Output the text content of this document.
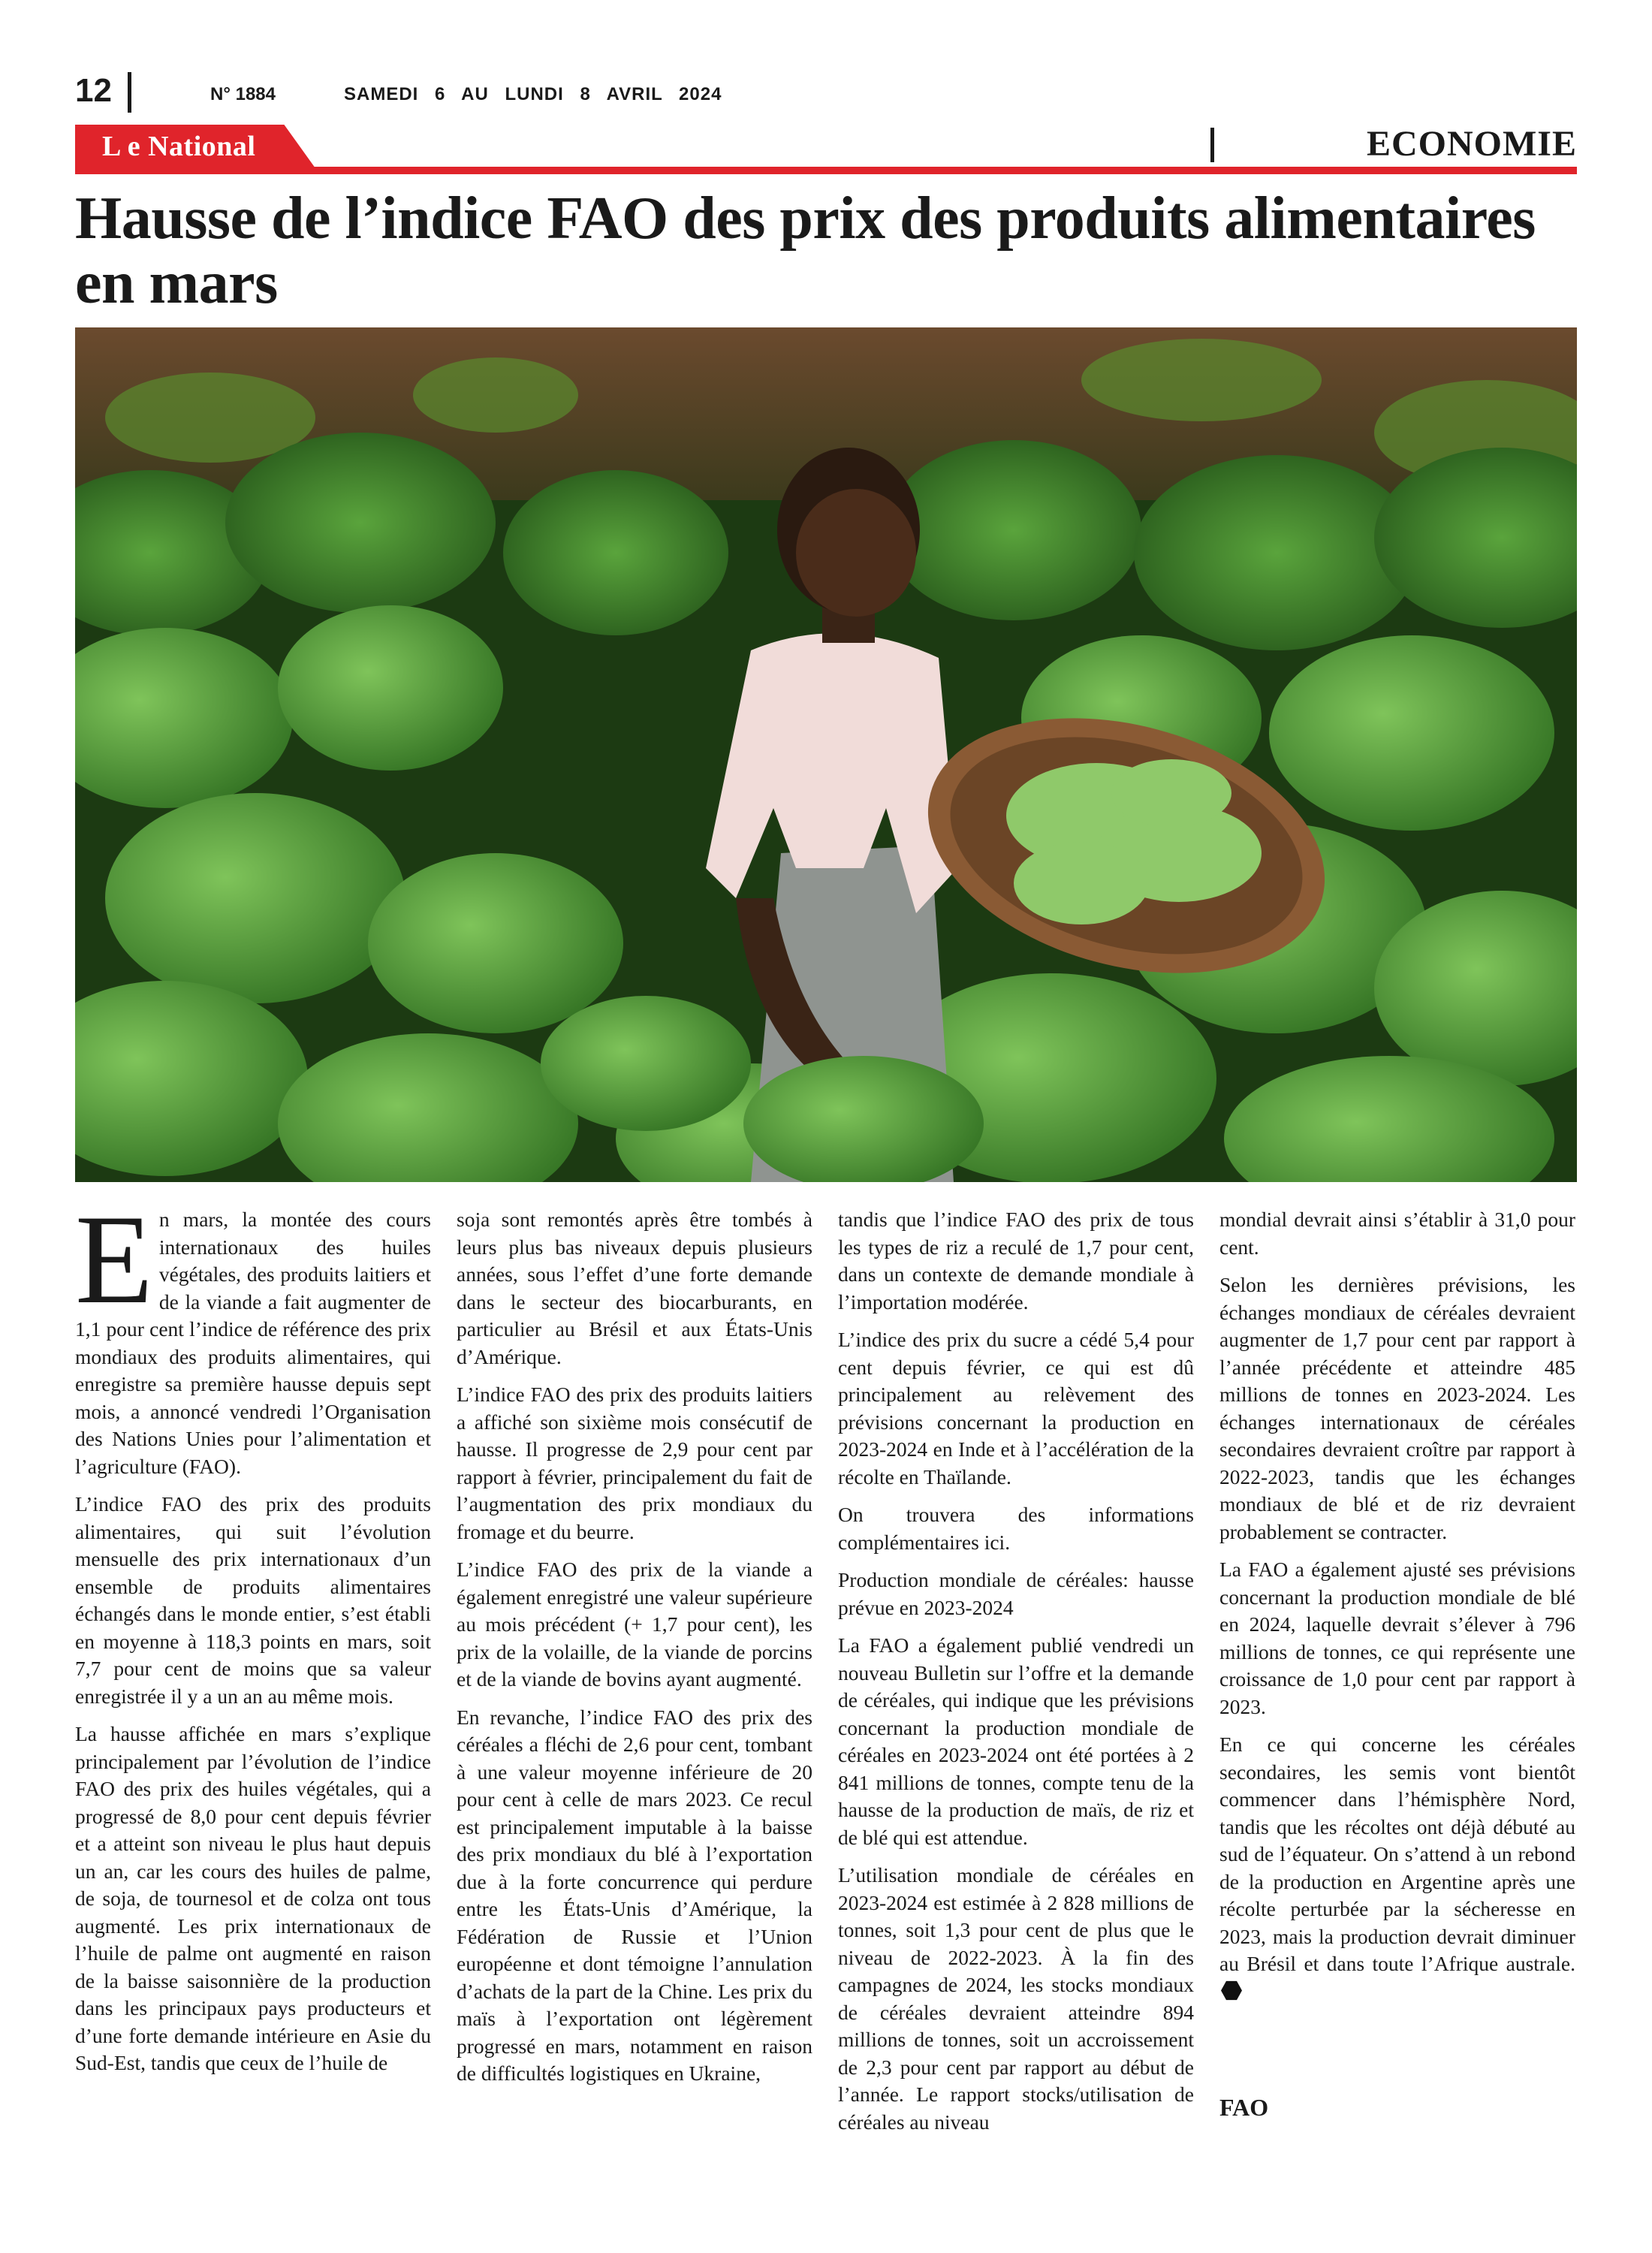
12	N° 1884	SAMEDI 6 AU LUNDI 8 AVRIL 2024
L e National	ECONOMIE
Hausse de l’indice FAO des prix des produits alimentaires en mars

En mars, la montée des cours internationaux des huiles végétales, des produits laitiers et de la viande a fait augmenter de 1,1 pour cent l’indice de référence des prix mondiaux des produits alimentaires, qui enregistre sa première hausse depuis sept mois, a annoncé vendredi l’Organisation des Nations Unies pour l’alimentation et l’agriculture (FAO).

L’indice FAO des prix des produits alimentaires, qui suit l’évolution mensuelle des prix internationaux d’un ensemble de produits alimentaires échangés dans le monde entier, s’est établi en moyenne à 118,3 points en mars, soit 7,7 pour cent de moins que sa valeur enregistrée il y a un an au même mois.

La hausse affichée en mars s’explique principalement par l’évolution de l’indice FAO des prix des huiles végétales, qui a progressé de 8,0 pour cent depuis février et a atteint son niveau le plus haut depuis un an, car les cours des huiles de palme, de soja, de tournesol et de colza ont tous augmenté. Les prix internationaux de l’huile de palme ont augmenté en raison de la baisse saisonnière de la production dans les principaux pays producteurs et d’une forte demande intérieure en Asie du Sud-Est, tandis que ceux de l’huile de

soja sont remontés après être tombés à leurs plus bas niveaux depuis plusieurs années, sous l’effet d’une forte demande dans le secteur des biocarburants, en particulier au Brésil et aux États-Unis d’Amérique.

L’indice FAO des prix des produits laitiers a affiché son sixième mois consécutif de hausse. Il progresse de 2,9 pour cent par rapport à février, principalement du fait de l’augmentation des prix mondiaux du fromage et du beurre.

L’indice FAO des prix de la viande a également enregistré une valeur supérieure au mois précédent (+ 1,7 pour cent), les prix de la volaille, de la viande de porcins et de la viande de bovins ayant augmenté.

En revanche, l’indice FAO des prix des céréales a fléchi de 2,6 pour cent, tombant à une valeur moyenne inférieure de 20 pour cent à celle de mars 2023. Ce recul est principalement imputable à la baisse des prix mondiaux du blé à l’exportation due à la forte concurrence qui perdure entre les États-Unis d’Amérique, la Fédération de Russie et l’Union européenne et dont témoigne l’annulation d’achats de la part de la Chine. Les prix du maïs à l’exportation ont légèrement progressé en mars, notamment en raison de difficultés logistiques en Ukraine,

tandis que l’indice FAO des prix de tous les types de riz a reculé de 1,7 pour cent, dans un contexte de demande mondiale à l’importation modérée.

L’indice des prix du sucre a cédé 5,4 pour cent depuis février, ce qui est dû principalement au relèvement des prévisions concernant la production en 2023-2024 en Inde et à l’accélération de la récolte en Thaïlande.

On trouvera des informations complémentaires ici.

Production mondiale de céréales: hausse prévue en 2023-2024

La FAO a également publié vendredi un nouveau Bulletin sur l’offre et la demande de céréales, qui indique que les prévisions concernant la production mondiale de céréales en 2023-2024 ont été portées à 2 841 millions de tonnes, compte tenu de la hausse de la production de maïs, de riz et de blé qui est attendue.

L’utilisation mondiale de céréales en 2023-2024 est estimée à 2 828 millions de tonnes, soit 1,3 pour cent de plus que le niveau de 2022-2023. À la fin des campagnes de 2024, les stocks mondiaux de céréales devraient atteindre 894 millions de tonnes, soit un accroissement de 2,3 pour cent par rapport au début de l’année. Le rapport stocks/utilisation de céréales au niveau

mondial devrait ainsi s’établir à 31,0 pour cent.

Selon les dernières prévisions, les échanges mondiaux de céréales devraient augmenter de 1,7 pour cent par rapport à l’année précédente et atteindre 485 millions de tonnes en 2023-2024. Les échanges internationaux de céréales secondaires devraient croître par rapport à 2022-2023, tandis que les échanges mondiaux de blé et de riz devraient probablement se contracter.

La FAO a également ajusté ses prévisions concernant la production mondiale de blé en 2024, laquelle devrait s’élever à 796 millions de tonnes, ce qui représente une croissance de 1,0 pour cent par rapport à 2023.

En ce qui concerne les céréales secondaires, les semis vont bientôt commencer dans l’hémisphère Nord, tandis que les récoltes ont déjà débuté au sud de l’équateur. On s’attend à un rebond de la production en Argentine après une récolte perturbée par la sécheresse en 2023, mais la production devrait diminuer au Brésil et dans toute l’Afrique australe.

FAO
